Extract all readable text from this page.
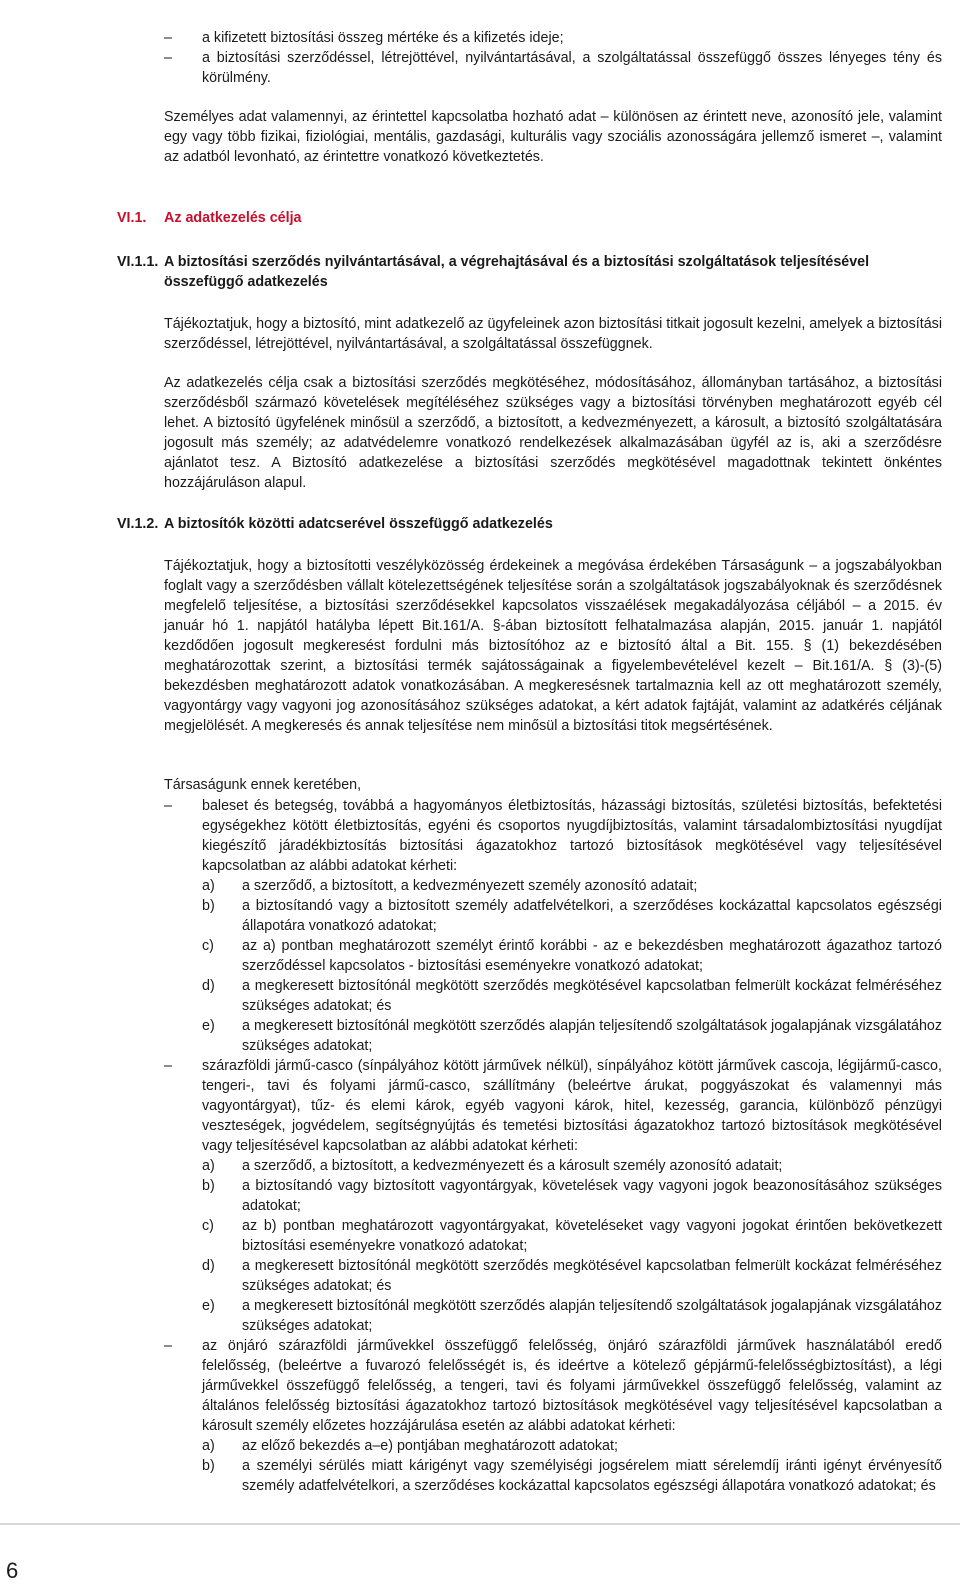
–	a kifizetett biztosítási összeg mértéke és a kifizetés ideje;
–	a biztosítási szerződéssel, létrejöttével, nyilvántartásával, a szolgáltatással összefüggő összes lényeges tény és körülmény.

Személyes adat valamennyi, az érintettel kapcsolatba hozható adat – különösen az érintett neve, azonosító jele, valamint egy vagy több fizikai, fiziológiai, mentális, gazdasági, kulturális vagy szociális azonosságára jellemző ismeret –, valamint az adatból levonható, az érintettre vonatkozó következtetés.

VI.1. Az adatkezelés célja
VI.1.1. A biztosítási szerződés nyilvántartásával, a végrehajtásával és a biztosítási szolgáltatások teljesítésével összefüggő adatkezelés

Tájékoztatjuk, hogy a biztosító, mint adatkezelő az ügyfeleinek azon biztosítási titkait jogosult kezelni, amelyek a biztosítási szerződéssel, létrejöttével, nyilvántartásával, a szolgáltatással összefüggnek.

Az adatkezelés célja csak a biztosítási szerződés megkötéséhez, módosításához, állományban tartásához, a biztosítási szerződésből származó követelések megítéléséhez szükséges vagy a biztosítási törvényben meghatározott egyéb cél lehet. A biztosító ügyfelének minősül a szerződő, a biztosított, a kedvezményezett, a károsult, a biztosító szolgáltatására jogosult más személy; az adatvédelemre vonatkozó rendelkezések alkalmazásában ügyfél az is, aki a szerződésre ajánlatot tesz. A Biztosító adatkezelése a biztosítási szerződés megkötésével magadottnak tekintett önkéntes hozzájáruláson alapul.

VI.1.2. A biztosítók közötti adatcserével összefüggő adatkezelés

Tájékoztatjuk, hogy a biztosítotti veszélyközösség érdekeinek a megóvása érdekében Társaságunk – a jogszabályokban foglalt vagy a szerződésben vállalt kötelezettségének teljesítése során a szolgáltatások jogszabályoknak és szerződésnek megfelelő teljesítése, a biztosítási szerződésekkel kapcsolatos visszaélések megakadályozása céljából – a 2015. év január hó 1. napjától hatályba lépett Bit.161/A. §-ában biztosított felhatalmazása alapján, 2015. január 1. napjától kezdődően jogosult megkeresést fordulni más biztosítóhoz az e biztosító által a Bit. 155. § (1) bekezdésében meghatározottak szerint, a biztosítási termék sajátosságainak a figyelembevételével kezelt – Bit.161/A. § (3)-(5) bekezdésben meghatározott adatok vonatkozásában. A megkeresésnek tartalmaznia kell az ott meghatározott személy, vagyontárgy vagy vagyoni jog azonosításához szükséges adatokat, a kért adatok fajtáját, valamint az adatkérés céljának megjelölését. A megkeresés és annak teljesítése nem minősül a biztosítási titok megsértésének.

Társaságunk ennek keretében,

– baleset és betegség, továbbá a hagyományos életbiztosítás, házassági biztosítás, születési biztosítás, befektetési egységekhez kötött életbiztosítás, egyéni és csoportos nyugdíjbiztosítás, valamint társadalombiztosítási nyugdíjat kiegészítő járadékbiztosítás biztosítási ágazatokhoz tartozó biztosítások megkötésével vagy teljesítésével kapcsolatban az alábbi adatokat kérheti:
a) a szerződő, a biztosított, a kedvezményezett személy azonosító adatait;
b) a biztosítandó vagy a biztosított személy adatfelvételkori, a szerződéses kockázattal kapcsolatos egészségi állapotára vonatkozó adatokat;
c) az a) pontban meghatározott személyt érintő korábbi - az e bekezdésben meghatározott ágazathoz tartozó szerződéssel kapcsolatos - biztosítási eseményekre vonatkozó adatokat;
d) a megkeresett biztosítónál megkötött szerződés megkötésével kapcsolatban felmerült kockázat felméréséhez szükséges adatokat; és
e) a megkeresett biztosítónál megkötött szerződés alapján teljesítendő szolgáltatások jogalapjának vizsgálatához szükséges adatokat;
– szárazföldi jármű-casco (sínpályához kötött járművek nélkül), sínpályához kötött járművek cascoja, légijármű-casco, tengeri-, tavi és folyami jármű-casco, szállítmány (beleértve árukat, poggyászokat és valamennyi más vagyontárgyat), tűz- és elemi károk, egyéb vagyoni károk, hitel, kezesség, garancia, különböző pénzügyi veszteségek, jogvédelem, segítségnyújtás és temetési biztosítási ágazatokhoz tartozó biztosítások megkötésével vagy teljesítésével kapcsolatban az alábbi adatokat kérheti:
a) a szerződő, a biztosított, a kedvezményezett és a károsult személy azonosító adatait;
b) a biztosítandó vagy biztosított vagyontárgyak, követelések vagy vagyoni jogok beazonosításához szükséges adatokat;
c) az b) pontban meghatározott vagyontárgyakat, követeléseket vagy vagyoni jogokat érintően bekövetkezett biztosítási eseményekre vonatkozó adatokat;
d) a megkeresett biztosítónál megkötött szerződés megkötésével kapcsolatban felmerült kockázat felméréséhez szükséges adatokat; és
e) a megkeresett biztosítónál megkötött szerződés alapján teljesítendő szolgáltatások jogalapjának vizsgálatához szükséges adatokat;
– az önjáró szárazföldi járművekkel összefüggő felelősség, önjáró szárazföldi járművek használatából eredő felelősség, (beleértve a fuvarozó felelősségét is, és ideértve a kötelező gépjármű-felelősségbiztosítást), a légi járművekkel összefüggő felelősség, a tengeri, tavi és folyami járművekkel összefüggő felelősség, valamint az általános felelősség biztosítási ágazatokhoz tartozó biztosítások megkötésével vagy teljesítésével kapcsolatban a károsult személy előzetes hozzájárulása esetén az alábbi adatokat kérheti:
a) az előző bekezdés a–e) pontjában meghatározott adatokat;
b) a személyi sérülés miatt kárigényt vagy személyiségi jogsérelem miatt sérelemdíj iránti igényt érvényesítő személy adatfelvételkori, a szerződéses kockázattal kapcsolatos egészségi állapotára vonatkozó adatokat; és
6
